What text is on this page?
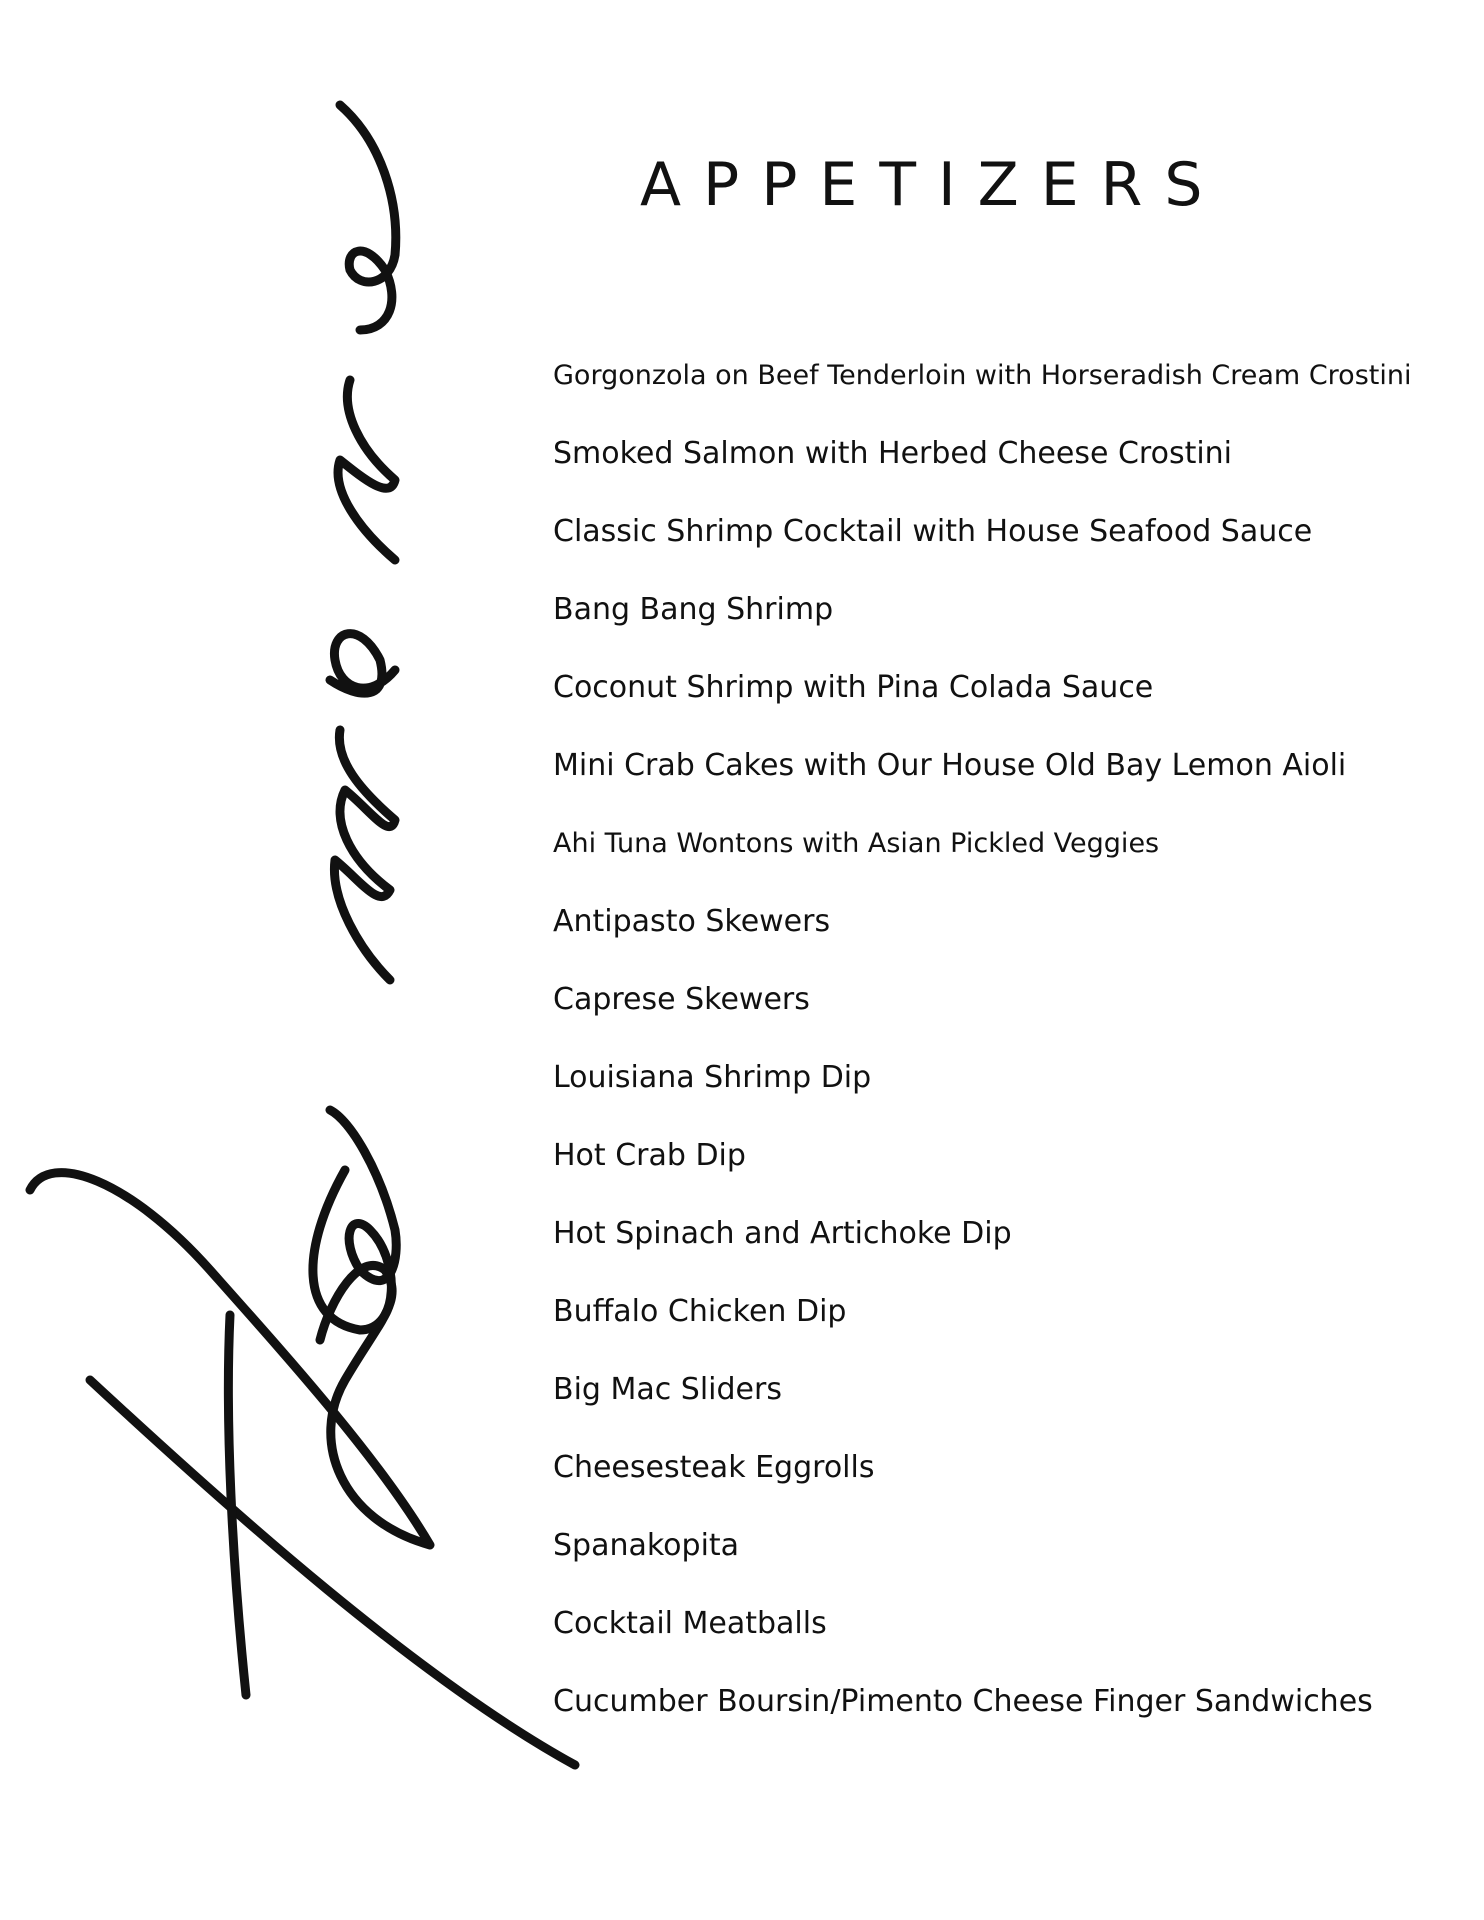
APPETIZERS
Gorgonzola on Beef Tenderloin with Horseradish Cream Crostini
Smoked Salmon with Herbed Cheese Crostini
Classic Shrimp Cocktail with House Seafood Sauce
Bang Bang Shrimp
Coconut Shrimp with Pina Colada Sauce
Mini Crab Cakes with Our House Old Bay Lemon Aioli
Ahi Tuna Wontons with Asian Pickled Veggies
Antipasto Skewers
Caprese Skewers
Louisiana Shrimp Dip
Hot Crab Dip
Hot Spinach and Artichoke Dip
Buffalo Chicken Dip
Big Mac Sliders
Cheesesteak Eggrolls
Spanakopita
Cocktail Meatballs
Cucumber Boursin/Pimento Cheese Finger Sandwiches
